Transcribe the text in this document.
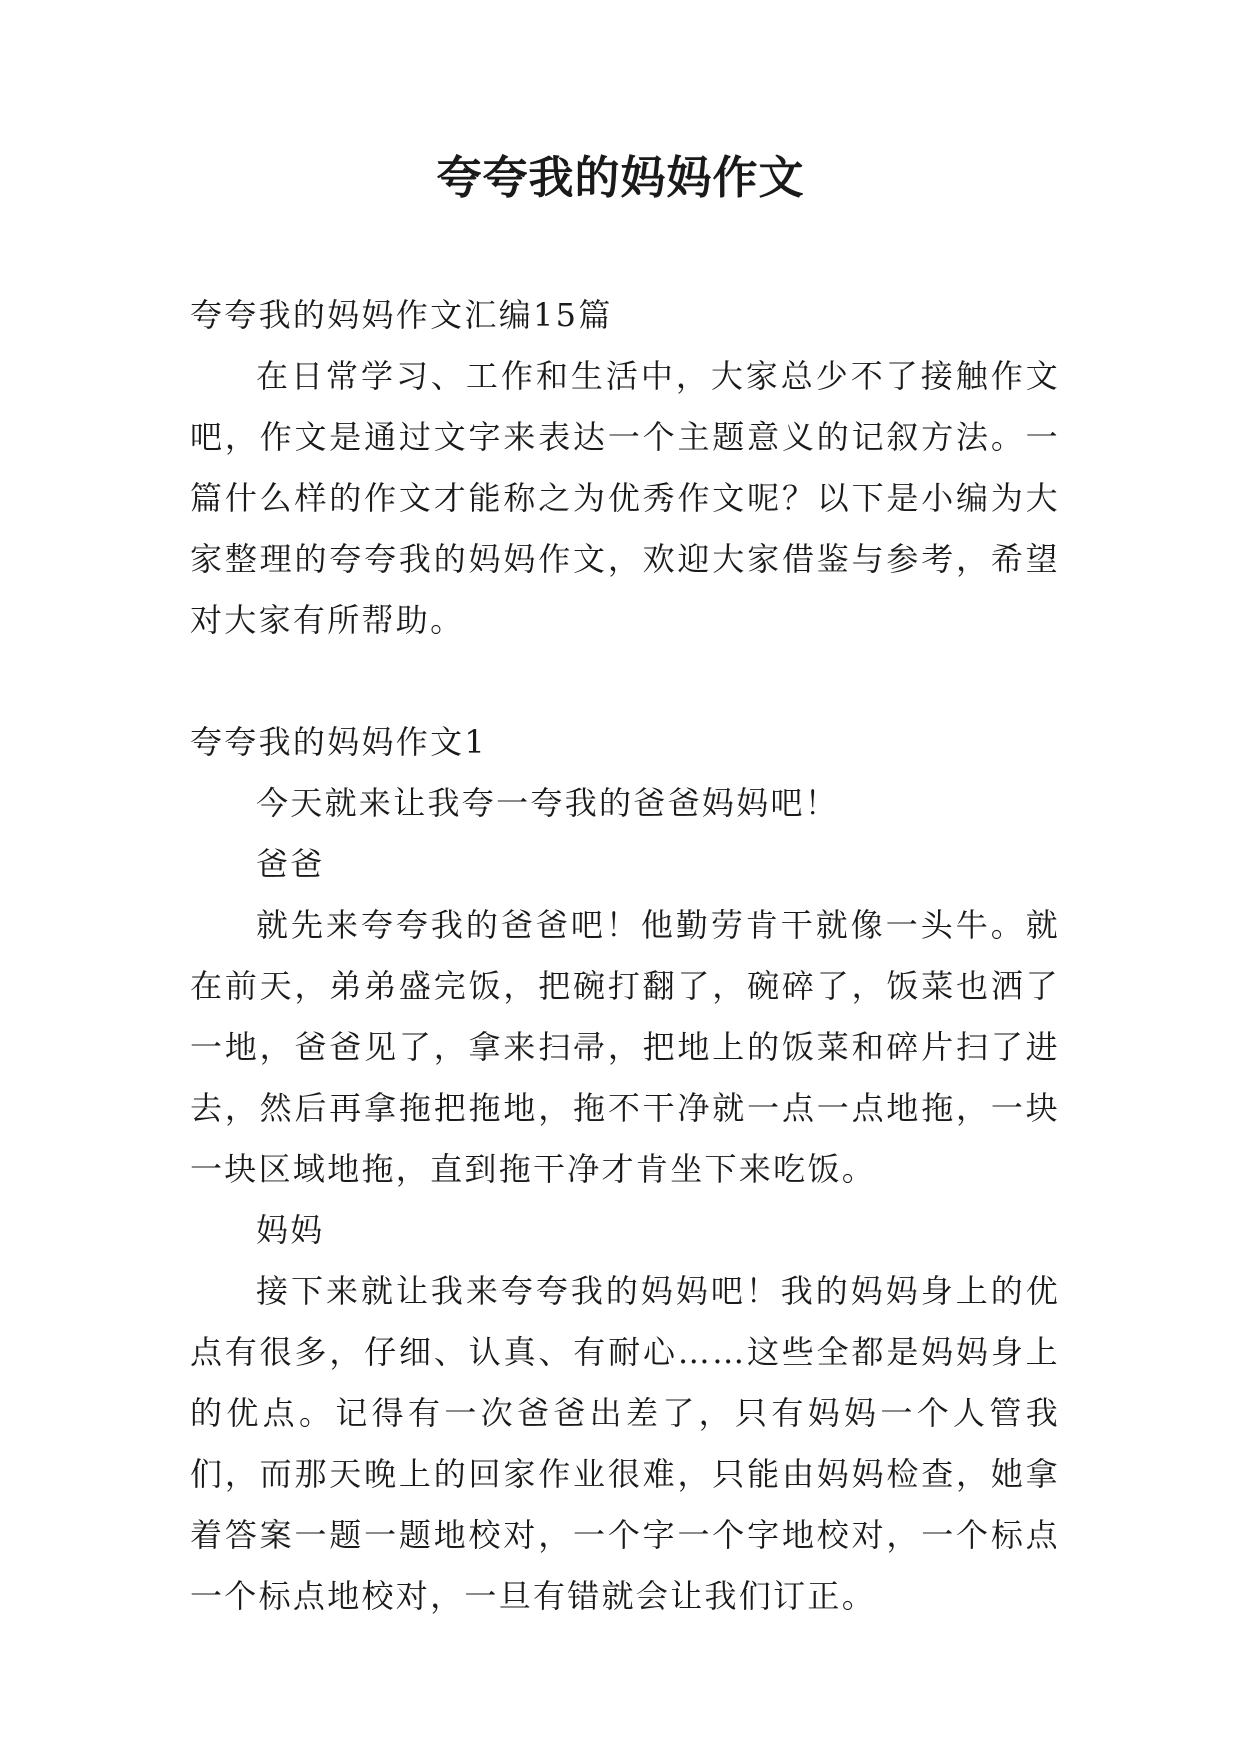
夸夸我的妈妈作文

夸夸我的妈妈作文汇编15篇

在日常学习、工作和生活中，大家总少不了接触作文吧，作文是通过文字来表达一个主题意义的记叙方法。一篇什么样的作文才能称之为优秀作文呢？以下是小编为大家整理的夸夸我的妈妈作文，欢迎大家借鉴与参考，希望对大家有所帮助。

夸夸我的妈妈作文1

今天就来让我夸一夸我的爸爸妈妈吧！

爸爸

就先来夸夸我的爸爸吧！他勤劳肯干就像一头牛。就在前天，弟弟盛完饭，把碗打翻了，碗碎了，饭菜也洒了一地，爸爸见了，拿来扫帚，把地上的饭菜和碎片扫了进去，然后再拿拖把拖地，拖不干净就一点一点地拖，一块一块区域地拖，直到拖干净才肯坐下来吃饭。

妈妈

接下来就让我来夸夸我的妈妈吧！我的妈妈身上的优点有很多，仔细、认真、有耐心……这些全都是妈妈身上的优点。记得有一次爸爸出差了，只有妈妈一个人管我们，而那天晚上的回家作业很难，只能由妈妈检查，她拿着答案一题一题地校对，一个字一个字地校对，一个标点一个标点地校对，一旦有错就会让我们订正。
